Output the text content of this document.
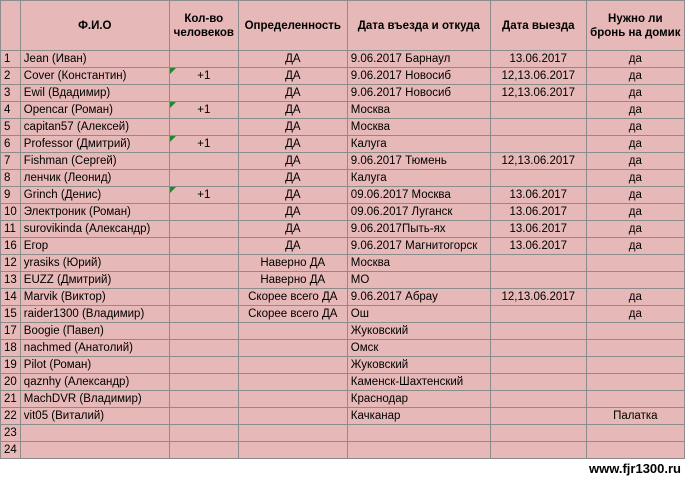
	Ф.И.О	Кол-во человеков	Определенность	Дата въезда и откуда	Дата выезда	Нужно ли бронь на домик
1	Jean (Иван)		ДА	9.06.2017 Барнаул	13.06.2017	да
2	Cover (Константин)	+1	ДА	9.06.2017 Новосиб	12,13.06.2017	да
3	Ewil (Вдадимир)		ДА	9.06.2017 Новосиб	12,13.06.2017	да
4	Opencar (Роман)	+1	ДА	Москва		да
5	capitan57 (Алексей)		ДА	Москва		да
6	Professor (Дмитрий)	+1	ДА	Калуга		да
7	Fishman (Сергей)		ДА	9.06.2017 Тюмень	12,13.06.2017	да
8	ленчик (Леонид)		ДА	Калуга		да
9	Grinch (Денис)	+1	ДА	09.06.2017 Москва	13.06.2017	да
10	Электроник (Роман)		ДА	09.06.2017 Луганск	13.06.2017	да
11	surovikinda (Александр)		ДА	9.06.2017Пыть-ях	13.06.2017	да
16	Егор		ДА	9.06.2017 Магнитогорск	13.06.2017	да
12	yrasiks (Юрий)		Наверно ДА	Москва		
13	EUZZ (Дмитрий)		Наверно ДА	МО		
14	Marvik (Виктор)		Скорее всего ДА	9.06.2017 Абрау	12,13.06.2017	да
15	raider1300 (Владимир)		Скорее всего ДА	Ош		да
17	Boogie (Павел)			Жуковский		
18	nachmed (Анатолий)			Омск		
19	Pilot (Роман)			Жуковский		
20	qaznhy (Александр)			Каменск-Шахтенский		
21	MachDVR (Владимир)			Краснодар		
22	vit05 (Виталий)			Качканар		Палатка
23						
24						
www.fjr1300.ru
